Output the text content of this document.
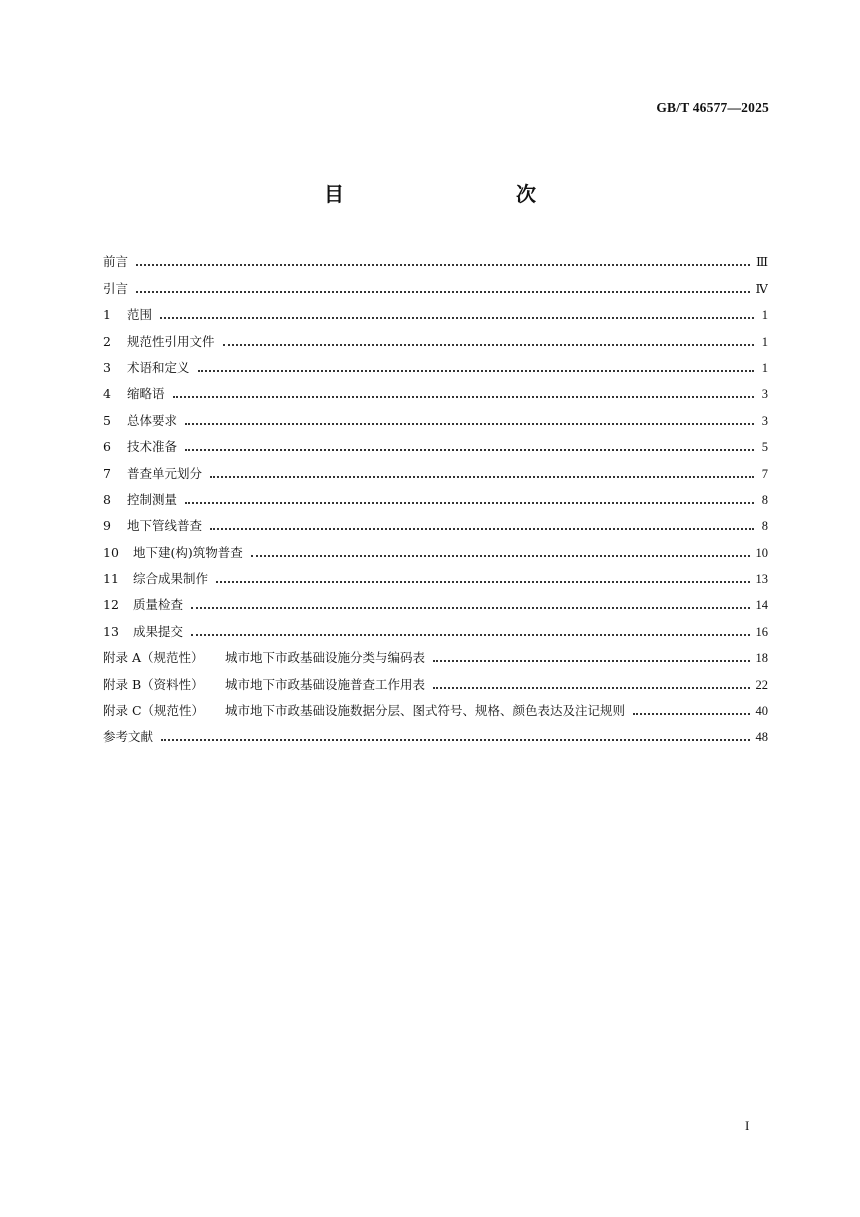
GB/T 46577—2025
目　　次
前言	Ⅲ
引言	Ⅳ
1	范围	1
2	规范性引用文件	1
3	术语和定义	1
4	缩略语	3
5	总体要求	3
6	技术准备	5
7	普查单元划分	7
8	控制测量	8
9	地下管线普查	8
10	地下建(构)筑物普查	10
11	综合成果制作	13
12	质量检查	14
13	成果提交	16
附录 A（规范性）	城市地下市政基础设施分类与编码表	18
附录 B（资料性）	城市地下市政基础设施普查工作用表	22
附录 C（规范性）	城市地下市政基础设施数据分层、图式符号、规格、颜色表达及注记规则	40
参考文献	48
I
